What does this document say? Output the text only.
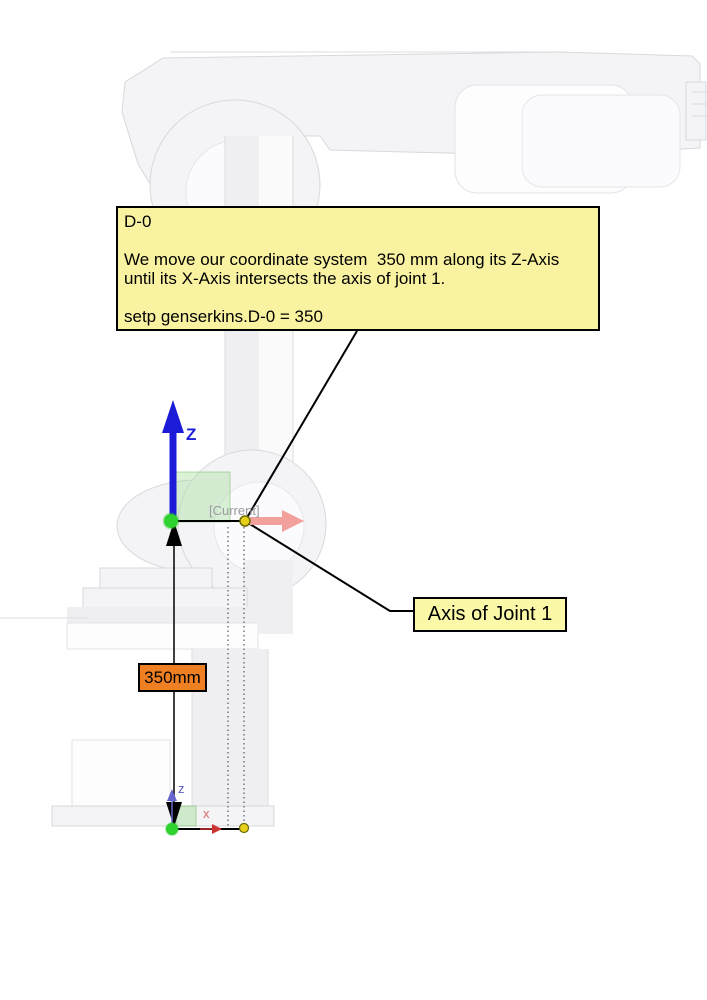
D-0
We move our coordinate system  350 mm along its Z-Axis
until its X-Axis intersects the axis of joint 1.
setp genserkins.D-0 = 350
Axis of Joint 1
350mm
Z
[Current]
z
x
